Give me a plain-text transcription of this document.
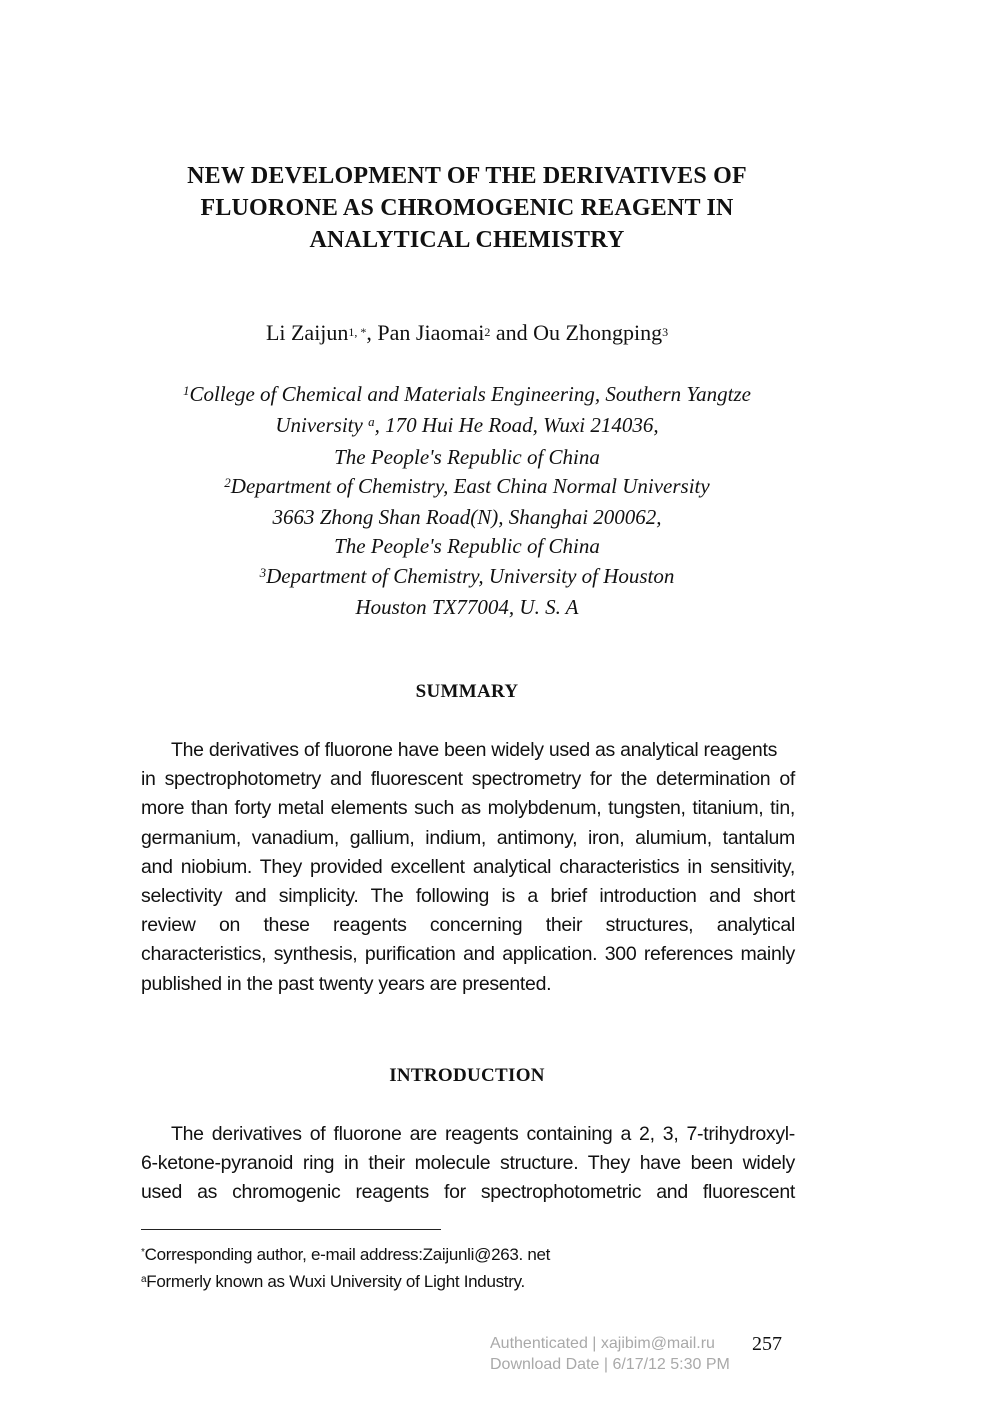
NEW DEVELOPMENT OF THE DERIVATIVES OF
FLUORONE AS CHROMOGENIC REAGENT IN
ANALYTICAL CHEMISTRY
Li Zaijun$^{1, *}$, Pan Jiaomai$^2$ and Ou Zhongping$^3$
$^1$College of Chemical and Materials Engineering, Southern Yangtze
University $^a$, 170 Hui He Road, Wuxi 214036,
The People's Republic of China
$^2$Department of Chemistry, East China Normal University
3663 Zhong Shan Road(N), Shanghai 200062,
The People's Republic of China
$^3$Department of Chemistry, University of Houston
Houston TX77004, U. S. A
SUMMARY
The derivatives of fluorone have been widely used as analytical reagents
in spectrophotometry and fluorescent spectrometry for the determination of
more than forty metal elements such as molybdenum, tungsten, titanium, tin,
germanium, vanadium, gallium, indium, antimony, iron, alumium, tantalum
and niobium. They provided excellent analytical characteristics in sensitivity,
selectivity and simplicity. The following is a brief introduction and short
review on these reagents concerning their structures, analytical
characteristics, synthesis, purification and application. 300 references mainly
published in the past twenty years are presented.
INTRODUCTION
The derivatives of fluorone are reagents containing a 2, 3, 7-trihydroxyl-
6-ketone-pyranoid ring in their molecule structure. They have been widely
used as chromogenic reagents for spectrophotometric and fluorescent
*Corresponding author, e-mail address:Zaijunli@263. net
$^a$Formerly known as Wuxi University of Light Industry.
Authenticated | xajibim@mail.ru
Download Date | 6/17/12 5:30 PM
257
